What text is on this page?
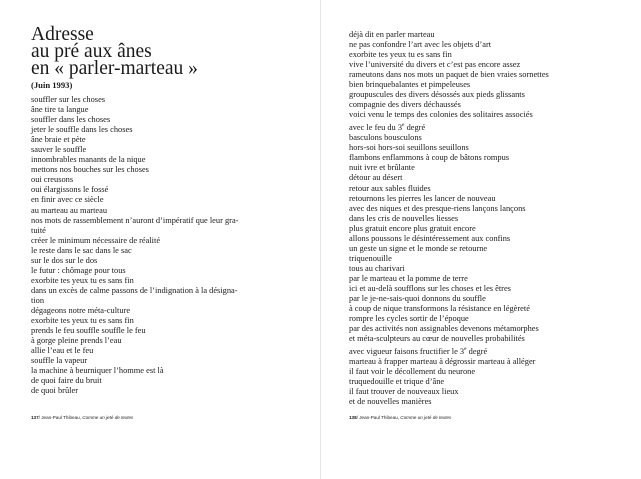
Adresse
au pré aux ânes
en « parler-marteau »
(Juin 1993)
souffler sur les choses
âne tire ta langue
souffler dans les choses
jeter le souffle dans les choses
âne braie et pète
sauver le souffle
innombrables manants de la nique
mettons nos bouches sur les choses
oui creusons
oui élargissons le fossé
en finir avec ce siècle
au marteau au marteau
nos mots de rassemblement n’auront d’impératif que leur gra-
tuité
créer le minimum nécessaire de réalité
le reste dans le sac dans le sac
sur le dos sur le dos
le futur : chômage pour tous
exorbite tes yeux tu es sans fin
dans un excès de calme passons de l’indignation à la désigna-
tion
dégageons notre méta-culture
exorbite tes yeux tu es sans fin
prends le feu souffle souffle le feu
à gorge pleine prends l’eau
allie l’eau et le feu
souffle la vapeur
la machine à beurniquer l’homme est là
de quoi faire du bruit
de quoi brûler
137/ Jean-Paul Thibeau, Comme un jeté de textes
déjà dit en parler marteau
ne pas confondre l’art avec les objets d’art
exorbite tes yeux tu es sans fin
vive l’université du divers et c’est pas encore assez
rameutons dans nos mots un paquet de bien vraies sornettes
bien brinquebalantes et pimpeleuses
groupuscules des divers désossés aux pieds glissants
compagnie des divers déchaussés
voici venu le temps des colonies des solitaires associés
avec le feu du 3e degré
basculons bousculons
hors-soi hors-soi seuillons seuillons
flambons enflammons à coup de bâtons rompus
nuit ivre et brûlante
détour au désert
retour aux sables fluides
retournons les pierres les lancer de nouveau
avec des niques et des presque-riens lançons lançons
dans les cris de nouvelles liesses
plus gratuit encore plus gratuit encore
allons poussons le désintéressement aux confins
un geste un signe et le monde se retourne
triquenouille
tous au charivari
par le marteau et la pomme de terre
ici et au-delà soufflons sur les choses et les êtres
par le je-ne-sais-quoi donnons du souffle
à coup de nique transformons la résistance en légèreté
rompre les cycles sortir de l’époque
par des activités non assignables devenons métamorphes
et méta-sculpteurs au cœur de nouvelles probabilités
avec vigueur faisons fructifier le 3e degré
marteau à frapper marteau à dégrossir marteau à alléger
il faut voir le décollement du neurone
truquedouille et trique d’âne
il faut trouver de nouveaux lieux
et de nouvelles manières
138/ Jean-Paul Thibeau, Comme un jeté de textes
